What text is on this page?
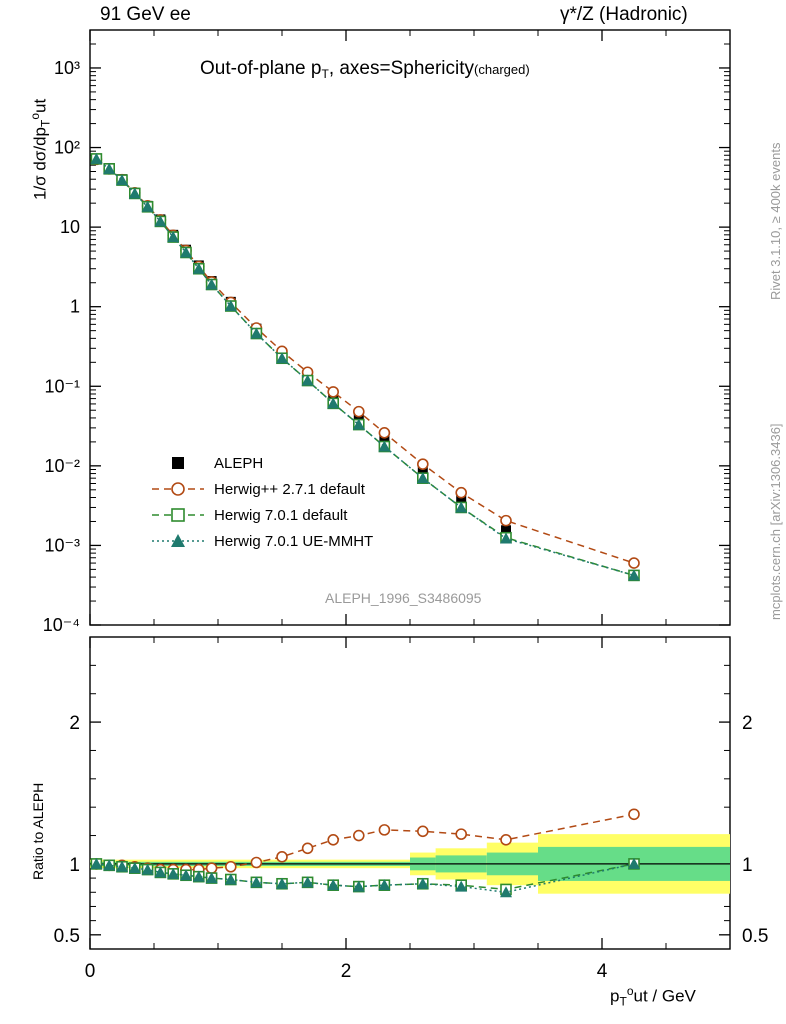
91 GeV ee	γ*/Z (Hadronic)
Rivet 3.1.10, ≥ 400k events
mcplots.cern.ch [arXiv:1306.3436]
1/σ $d\sigma/dp_T^out$
Ratio to ALEPH
$p_T^out$ / GeV
Out-of-plane $p_T$, axes=Sphericity(charged)
ALEPH_1996_S3486095
10³
10²
10
1
10⁻¹
10⁻²
10⁻³
10⁻⁴
2	2
1	1
0.5	0.5
0	2	4
ALEPH
Herwig++ 2.7.1 default
Herwig 7.0.1 default
Herwig 7.0.1 UE-MMHT
